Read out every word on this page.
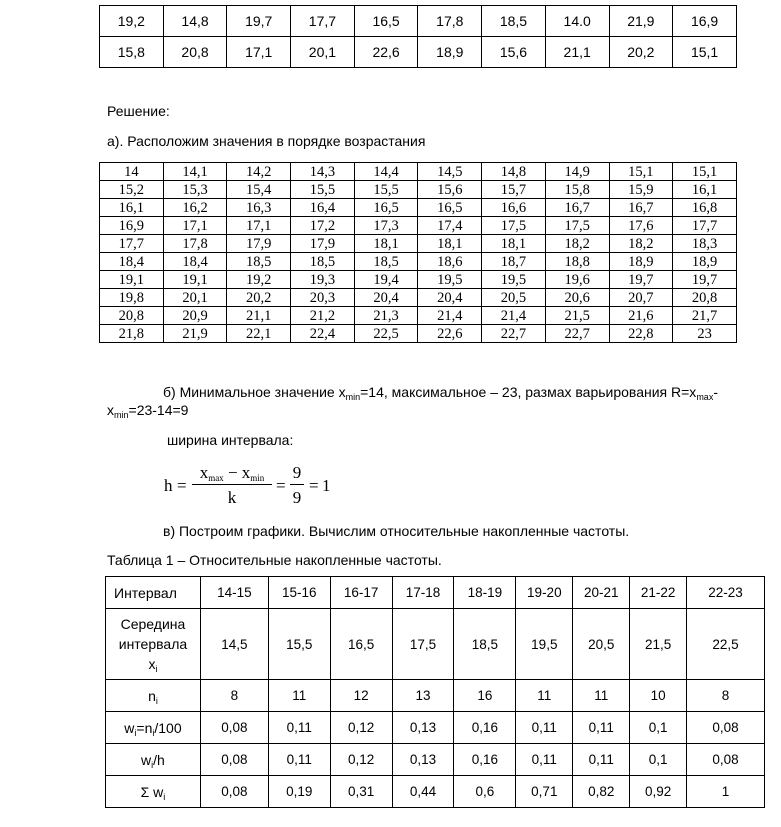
19,2	14,8	19,7	17,7	16,5	17,8	18,5	14.0	21,9	16,9
15,8	20,8	17,1	20,1	22,6	18,9	15,6	21,1	20,2	15,1
Решение:
а). Расположим значения в порядке возрастания
14	14,1	14,2	14,3	14,4	14,5	14,8	14,9	15,1	15,1
15,2	15,3	15,4	15,5	15,5	15,6	15,7	15,8	15,9	16,1
16,1	16,2	16,3	16,4	16,5	16,5	16,6	16,7	16,7	16,8
16,9	17,1	17,1	17,2	17,3	17,4	17,5	17,5	17,6	17,7
17,7	17,8	17,9	17,9	18,1	18,1	18,1	18,2	18,2	18,3
18,4	18,4	18,5	18,5	18,5	18,6	18,7	18,8	18,9	18,9
19,1	19,1	19,2	19,3	19,4	19,5	19,5	19,6	19,7	19,7
19,8	20,1	20,2	20,3	20,4	20,4	20,5	20,6	20,7	20,8
20,8	20,9	21,1	21,2	21,3	21,4	21,4	21,5	21,6	21,7
21,8	21,9	22,1	22,4	22,5	22,6	22,7	22,7	22,8	23
б) Минимальное значение $x_{min}=14$, максимальное – 23, размах варьирования $R=x_{max}-$
$x_{min}=23-14=9$
ширина интервала:
h =
$x_{max} - x_{min}$
k
= $\frac{9}{9} = 1$
в) Построим графики. Вычислим относительные накопленные частоты.
Таблица 1 – Относительные накопленные частоты.
Интервал	14-15	15-16	16-17	17-18	18-19	19-20	20-21	21-22	22-23
Середина
интервала
$x_i$	14,5	15,5	16,5	17,5	18,5	19,5	20,5	21,5	22,5
$n_i$	8	11	12	13	16	11	11	10	8
$w_i=n_i/100$	0,08	0,11	0,12	0,13	0,16	0,11	0,11	0,1	0,08
$w_i/h$	0,08	0,11	0,12	0,13	0,16	0,11	0,11	0,1	0,08
Σ $w_i$	0,08	0,19	0,31	0,44	0,6	0,71	0,82	0,92	1
